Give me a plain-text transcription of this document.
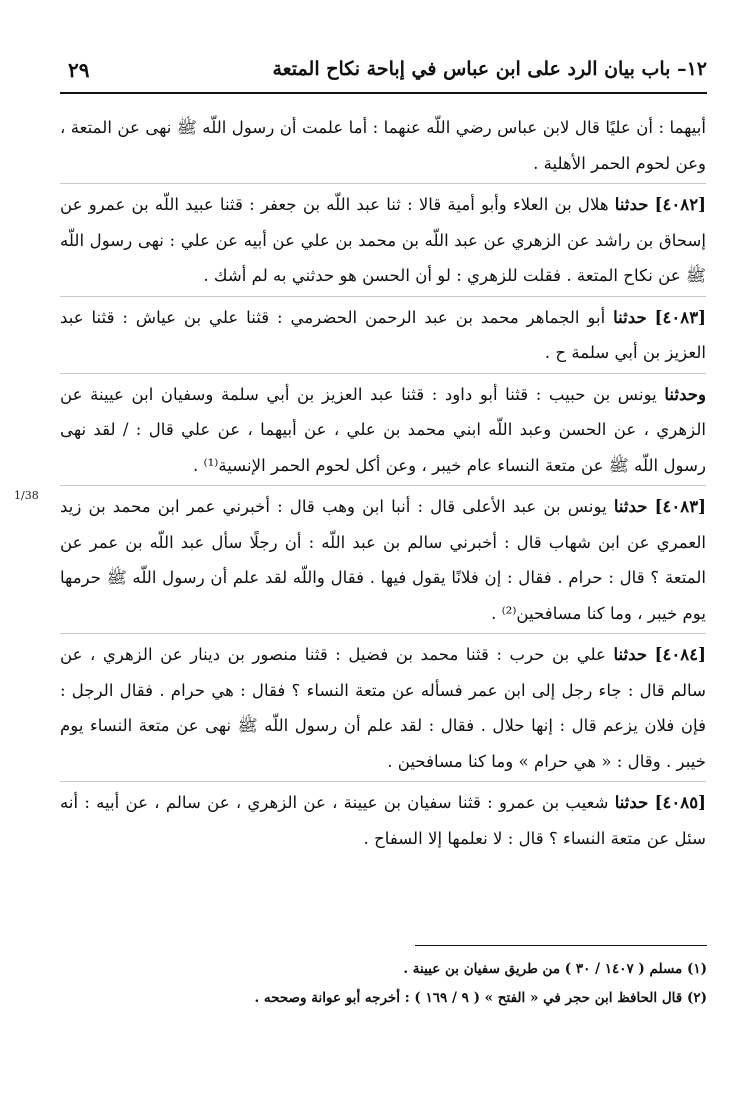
١٢– باب بيان الرد على ابن عباس في إباحة نكاح المتعة
٢٩
1/38

أبيهما : أن عليًا قال لابن عباس رضي اللّه عنهما : أما علمت أن رسول اللّه ﷺ نهى عن المتعة ، وعن لحوم الحمر الأهلية .

[٤٠٨٢] حدثنا هلال بن العلاء وأبو أمية قالا : ثنا عبد اللّه بن جعفر : قثنا عبيد اللّه بن عمرو عن إسحاق بن راشد عن الزهري عن عبد اللّه بن محمد بن علي عن أبيه عن علي : نهى رسول اللّه ﷺ عن نكاح المتعة . فقلت للزهري : لو أن الحسن هو حدثني به لم أشك .

[٤٠٨٣] حدثنا أبو الجماهر محمد بن عبد الرحمن الحضرمي : قثنا علي بن عياش : قثنا عبد العزيز بن أبي سلمة ح .

وحدثنا يونس بن حبيب : قثنا أبو داود : قثنا عبد العزيز بن أبي سلمة وسفيان ابن عيينة عن الزهري ، عن الحسن وعبد اللّه ابني محمد بن علي ، عن أبيهما ، عن علي قال : / لقد نهى رسول اللّه ﷺ عن متعة النساء عام خيبر ، وعن أكل لحوم الحمر الإنسية⁽¹⁾ .

[٤٠٨٣] حدثنا يونس بن عبد الأعلى قال : أنبا ابن وهب قال : أخبرني عمر ابن محمد بن زيد العمري عن ابن شهاب قال : أخبرني سالم بن عبد اللّه : أن رجلًا سأل عبد اللّه بن عمر عن المتعة ؟ قال : حرام . فقال : إن فلانًا يقول فيها . فقال واللّه لقد علم أن رسول اللّه ﷺ حرمها يوم خيبر ، وما كنا مسافحين⁽²⁾ .

[٤٠٨٤] حدثنا علي بن حرب : قثنا محمد بن فضيل : قثنا منصور بن دينار عن الزهري ، عن سالم قال : جاء رجل إلى ابن عمر فسأله عن متعة النساء ؟ فقال : هي حرام . فقال الرجل : فإن فلان يزعم قال : إنها حلال . فقال : لقد علم أن رسول اللّه ﷺ نهى عن متعة النساء يوم خيبر . وقال : « هي حرام » وما كنا مسافحين .

[٤٠٨٥] حدثنا شعيب بن عمرو : قثنا سفيان بن عيينة ، عن الزهري ، عن سالم ، عن أبيه : أنه سئل عن متعة النساء ؟ قال : لا نعلمها إلا السفاح .

(١) مسلم ( ١٤٠٧ / ٣٠ ) من طريق سفيان بن عيينة .

(٢) قال الحافظ ابن حجر في « الفتح » ( ٩ / ١٦٩ ) : أخرجه أبو عوانة وصححه .
